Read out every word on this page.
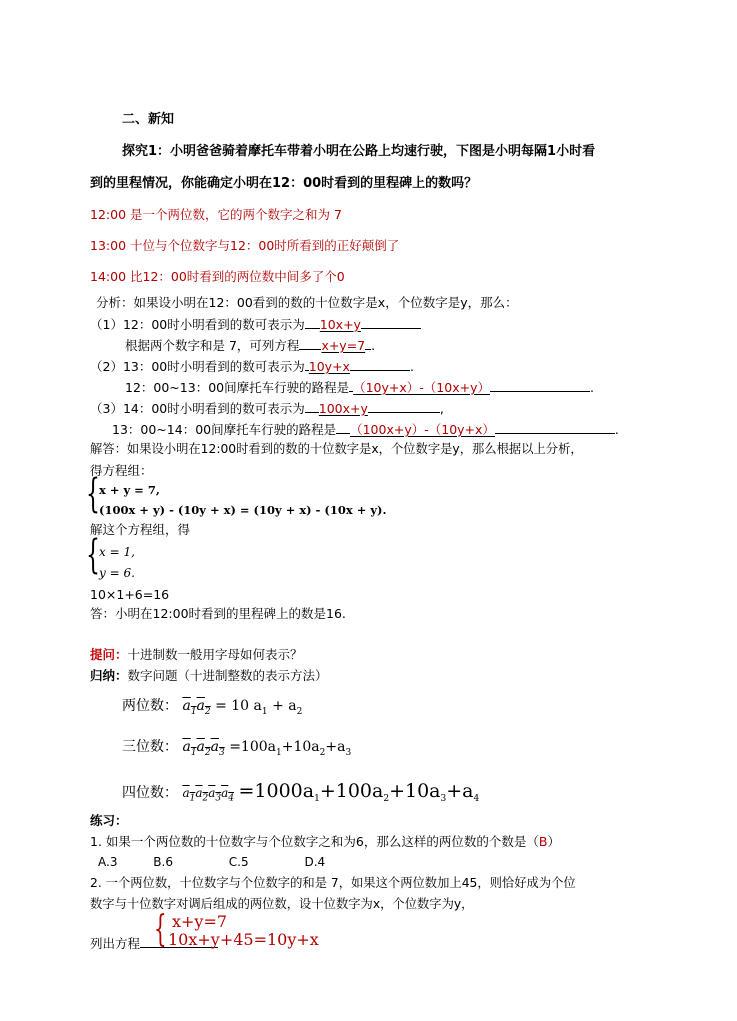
二、新知
探究1：小明爸爸骑着摩托车带着小明在公路上均速行驶，下图是小明每隔1小时看
到的里程情况，你能确定小明在12：00时看到的里程碑上的数吗？
12:00 是一个两位数，它的两个数字之和为 7
13:00 十位与个位数字与12：00时所看到的正好颠倒了
14:00 比12：00时看到的两位数中间多了个0
分析：如果设小明在12：00看到的数的十位数字是x，个位数字是y，那么：
（1）12：00时小明看到的数可表示为 10x+y
根据两个数字和是 7，可列方程 x+y=7 .
（2）13：00时小明看到的数可表示为 10y+x	.
12：00~13：00间摩托车行驶的路程是 （10y+x）-（10x+y）	.
（3）14：00时小明看到的数可表示为 100x+y	,
13：00~14：00间摩托车行驶的路程是 （100x+y）-（10y+x）	.
解答：如果设小明在12:00时看到的数的十位数字是x，个位数字是y，那么根据以上分析，
得方程组：
{ x + y = 7,
(100x + y) - (10y + x) = (10y + x) - (10x + y).
解这个方程组，得
{ x = 1,
y = 6.
10×1+6=16
答：小明在12:00时看到的里程碑上的数是16.
提问：十进制数一般用字母如何表示？
归纳：数字问题（十进制整数的表示方法）
两位数： $a_1a_2 = 10$ $a_1 + a_2$
三位数： $a_1a_2a_3 =100a_1+10a_2+a_3$
四位数： $a_1a_2a_3a_4 =1000a_1+100a_2+10a_3+a_4$
练习：
1. 如果一个两位数的十位数字与个位数字之和为6，那么这样的两位数的个数是（B）
A.3	B.6	C.5	D.4
2. 一个两位数，十位数字与个位数字的和是 7，如果这个两位数加上45，则恰好成为个位
数字与十位数字对调后组成的两位数，设十位数字为x，个位数字为y，
列出方程 { x+y=7
10x+y+45=10y+x
